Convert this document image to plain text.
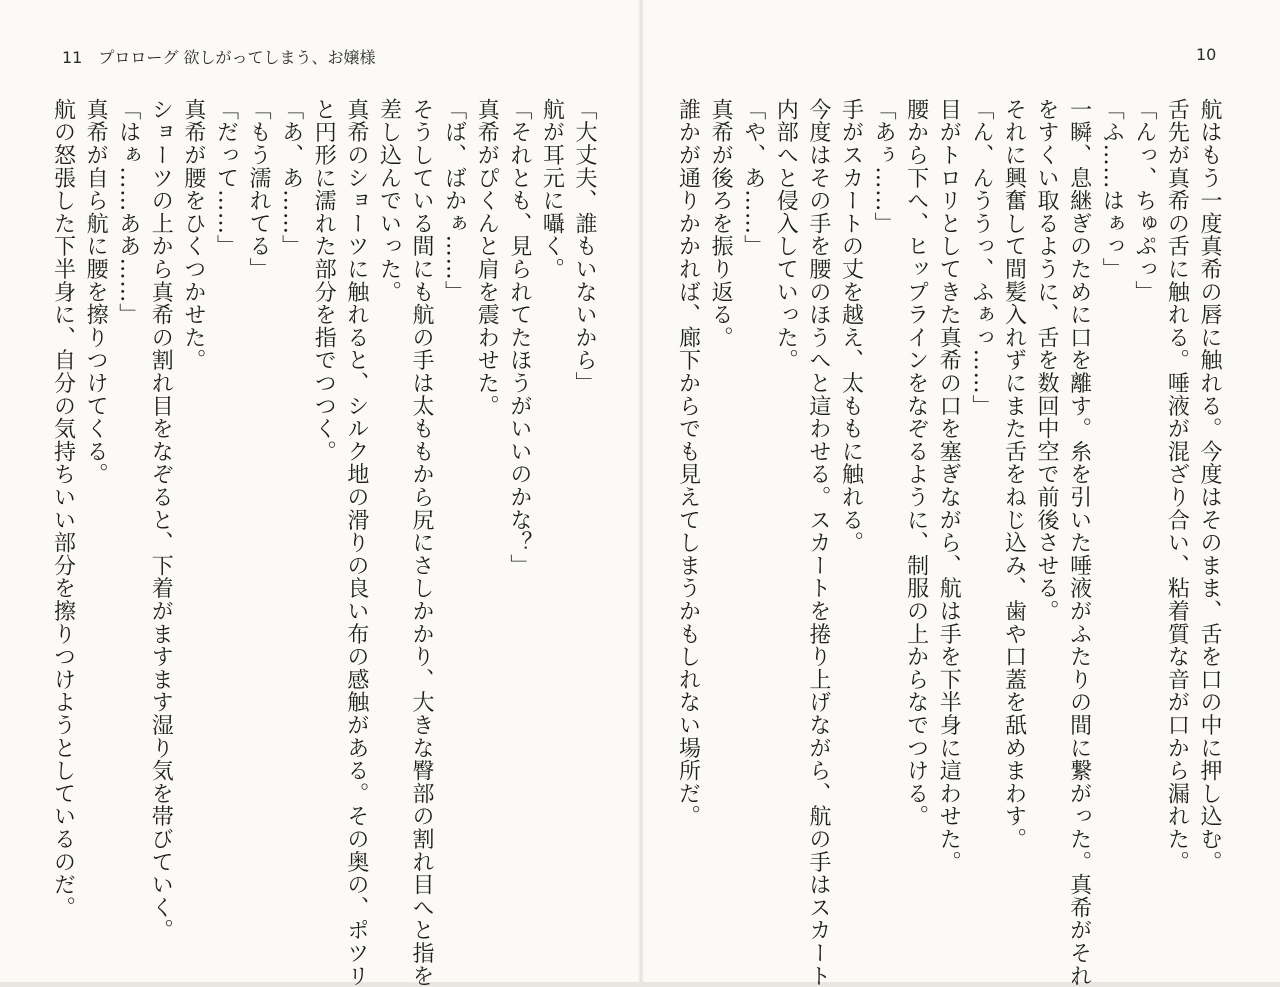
11 プロローグ 欲しがってしまう、お嬢様	10
航はもう一度真希の唇に触れる。今度はそのまま、舌を口の中に押し込む。
舌先が真希の舌に触れる。唾液が混ざり合い、粘着質な音が口から漏れた。
「んっ、ちゅぷっ」
「ふ……はぁっ」
一瞬、息継ぎのために口を離す。糸を引いた唾液がふたりの間に繋がった。真希がそれ
をすくい取るように、舌を数回中空で前後させる。
それに興奮して間髪入れずにまた舌をねじ込み、歯や口蓋を舐めまわす。
「ん、んううっ、ふぁっ……」
目がトロリとしてきた真希の口を塞ぎながら、航は手を下半身に這わせた。
腰から下へ、ヒップラインをなぞるように、制服の上からなでつける。
「あぅ……」
手がスカートの丈を越え、太ももに触れる。
今度はその手を腰のほうへと這わせる。スカートを捲り上げながら、航の手はスカート
内部へと侵入していった。
「や、あ……」
真希が後ろを振り返る。
誰かが通りかかれば、廊下からでも見えてしまうかもしれない場所だ。
「大丈夫、誰もいないから」
航が耳元に囁く。
「それとも、見られてたほうがいいのかな？」
真希がぴくんと肩を震わせた。
「ば、ばかぁ……」
そうしている間にも航の手は太ももから尻にさしかかり、大きな臀部の割れ目へと指を
差し込んでいった。
真希のショーツに触れると、シルク地の滑りの良い布の感触がある。その奥の、ポツリ
と円形に濡れた部分を指でつつく。
「あ、あ……」
「もう濡れてる」
「だって……」
真希が腰をひくつかせた。
ショーツの上から真希の割れ目をなぞると、下着がますます湿り気を帯びていく。
「はぁ……ああ……」
真希が自ら航に腰を擦りつけてくる。
航の怒張した下半身に、自分の気持ちいい部分を擦りつけようとしているのだ。
